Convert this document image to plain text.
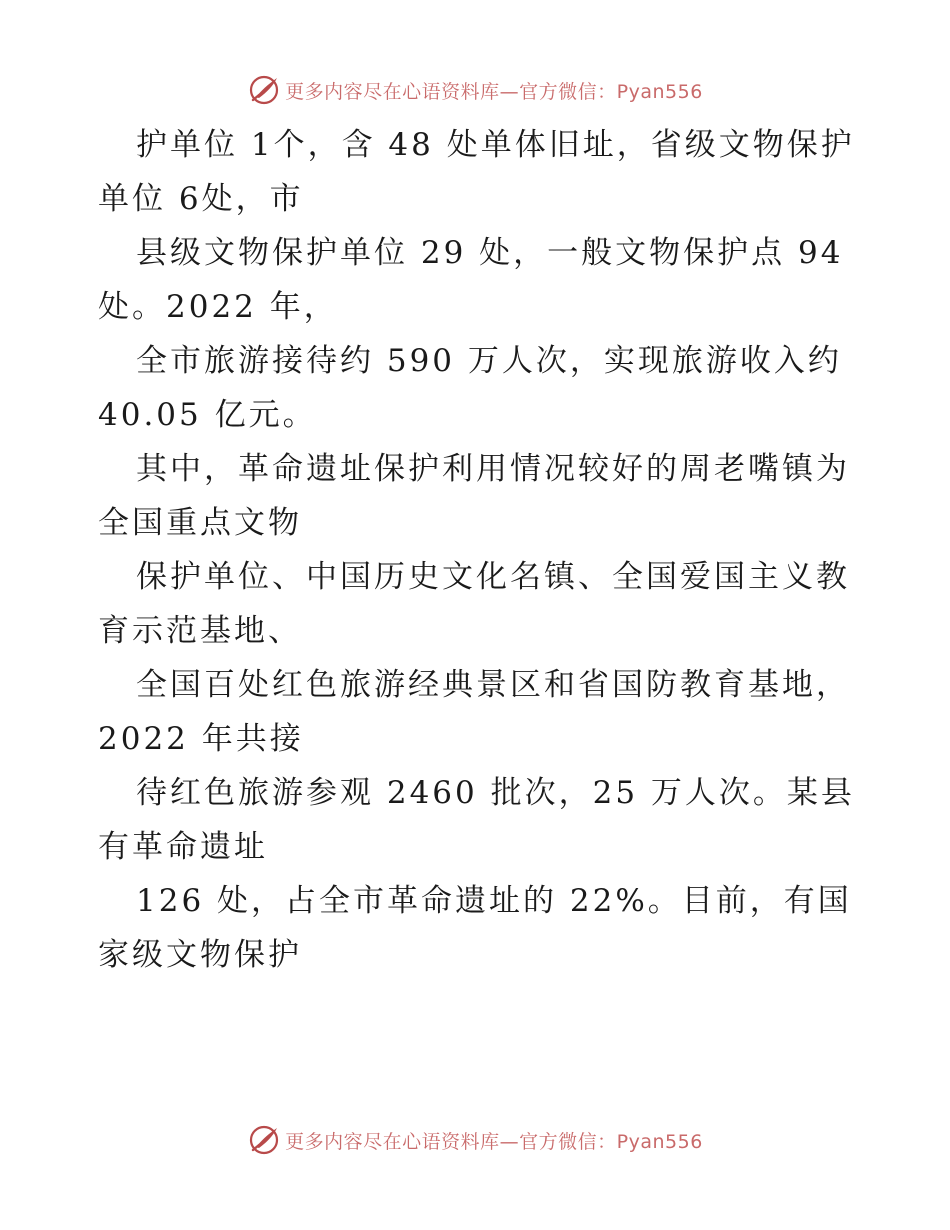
更多内容尽在心语资料库—官方微信：Pyan556

护单位 1个，含 48 处单体旧址，省级文物保护单位 6处，市

县级文物保护单位 29 处，一般文物保护点 94 处。2022 年，

全市旅游接待约 590 万人次，实现旅游收入约 40.05 亿元。

其中，革命遗址保护利用情况较好的周老嘴镇为全国重点文物

保护单位、中国历史文化名镇、全国爱国主义教育示范基地、

全国百处红色旅游经典景区和省国防教育基地，2022 年共接

待红色旅游参观 2460 批次，25 万人次。某县有革命遗址

126 处，占全市革命遗址的 22%。目前，有国家级文物保护

更多内容尽在心语资料库—官方微信：Pyan556
